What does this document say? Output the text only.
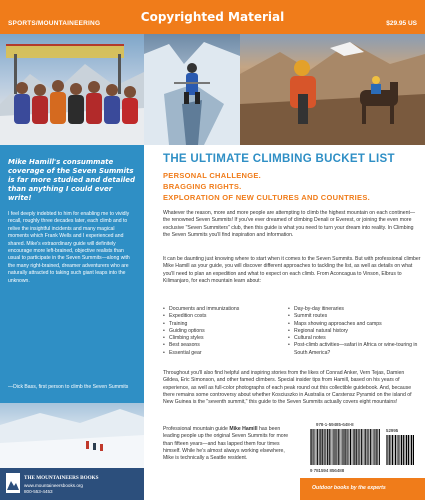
SPORTS/MOUNTAINEERING	Copyrighted Material	$29.95 US
Mike Hamill's consummate coverage of the Seven Summits is far more studied and detailed than anything I could ever write!
I feel deeply indebted to him for enabling me to vividly recall, roughly three decades later, each climb and to relive the insightful incidents and many magical moments which Frank Wells and I experienced and shared. Mike's extraordinary guide will definitely encourage more left-brained, objective realists than usual to participate in the Seven Summits—along with the many right-brained, dreamer adventurers who are naturally attracted to taking such giant leaps into the unknown.
—Dick Bass, first person to climb the Seven Summits
THE MOUNTAINEERS BOOKS
www.mountaineersbooks.org
800-553-4453
THE ULTIMATE CLIMBING BUCKET LIST
PERSONAL CHALLENGE.
BRAGGING RIGHTS.
EXPLORATION OF NEW CULTURES AND COUNTRIES.
Whatever the reason, more and more people are attempting to climb the highest mountain on each continent—the renowned Seven Summits! If you've ever dreamed of climbing Denali or Everest, or joining the even more exclusive "Seven Summiters" club, then this guide is what you need to turn your dream into reality. In Climbing the Seven Summits you'll find inspiration and information.
It can be daunting just knowing where to start when it comes to the Seven Summits. But with professional climber Mike Hamill as your guide, you will discover different approaches to tackling the list, as well as details on what you'll need to plan an expedition and what to expect on each climb. From Aconcagua to Vinson, Elbrus to Kilimanjaro, for each mountain learn about:
• Documents and immunizations
• Expedition costs
• Training
• Guiding options
• Climbing styles
• Best seasons
• Essential gear
• Day-by-day itineraries
• Summit routes
• Maps showing approaches and camps
• Regional natural history
• Cultural notes
• Post-climb activities—safari in Africa or wine-touring in South America?
Throughout you'll also find helpful and inspiring stories from the likes of Conrad Anker, Vern Tejas, Damien Gildea, Eric Simonson, and other famed climbers. Special insider tips from Hamill, based on his years of experience, as well as full-color photographs of each peak round out this collectible guidebook. And, because there remains some controversy about whether Kosciuszko in Australia or Carstensz Pyramid on the island of New Guinea is the "seventh summit," this guide to the Seven Summits actually covers eight mountains!
Professional mountain guide Mike Hamill has been leading people up the original Seven Summits for more than fifteen years—and has lapped them four times himself. While he's almost always working elsewhere, Mike is technically a Seattle resident.
978-1-59485-648-8
52995
9 781594 856488
Outdoor books by the experts
